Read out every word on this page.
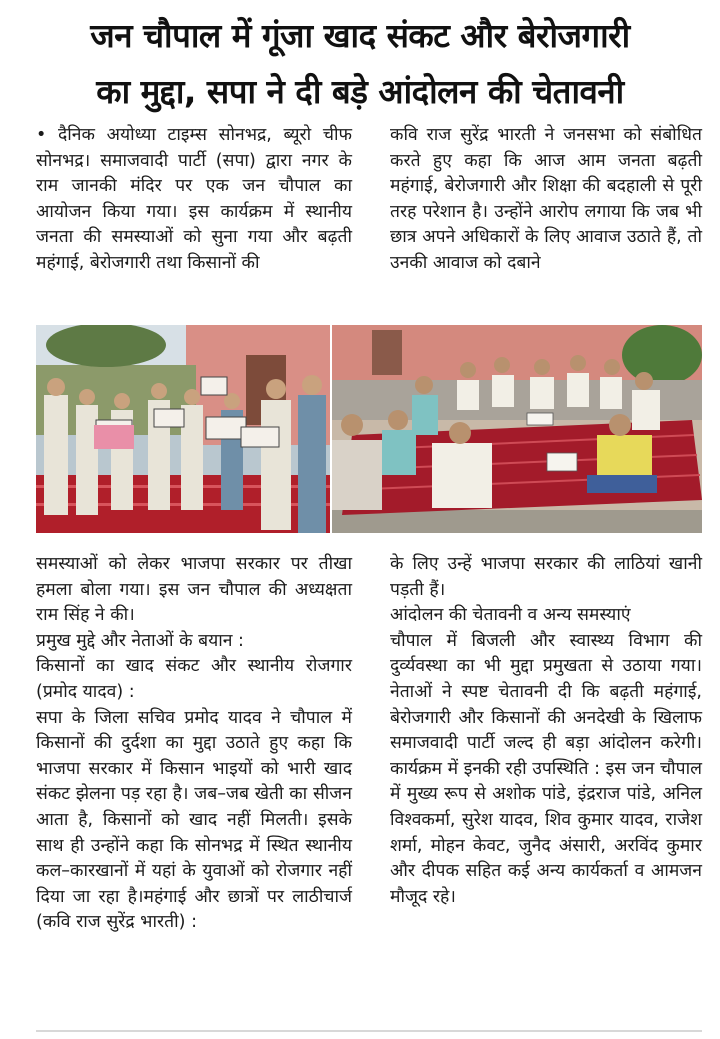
जन चौपाल में गूंजा खाद संकट और बेरोजगारी
का मुद्दा, सपा ने दी बड़े आंदोलन की चेतावनी

• दैनिक अयोध्या टाइम्स सोनभद्र, ब्यूरो चीफ सोनभद्र। समाजवादी पार्टी (सपा) द्वारा नगर के राम जानकी मंदिर पर एक जन चौपाल का आयोजन किया गया। इस कार्यक्रम में स्थानीय जनता की समस्याओं को सुना गया और बढ़ती महंगाई, बेरोजगारी तथा किसानों की

कवि राज सुरेंद्र भारती ने जनसभा को संबोधित करते हुए कहा कि आज आम जनता बढ़ती महंगाई, बेरोजगारी और शिक्षा की बदहाली से पूरी तरह परेशान है। उन्होंने आरोप लगाया कि जब भी छात्र अपने अधिकारों के लिए आवाज उठाते हैं, तो उनकी आवाज को दबाने

समस्याओं को लेकर भाजपा सरकार पर तीखा हमला बोला गया। इस जन चौपाल की अध्यक्षता राम सिंह ने की।

प्रमुख मुद्दे और नेताओं के बयान :

किसानों का खाद संकट और स्थानीय रोजगार (प्रमोद यादव) :

सपा के जिला सचिव प्रमोद यादव ने चौपाल में किसानों की दुर्दशा का मुद्दा उठाते हुए कहा कि भाजपा सरकार में किसान भाइयों को भारी खाद संकट झेलना पड़ रहा है। जब–जब खेती का सीजन आता है, किसानों को खाद नहीं मिलती। इसके साथ ही उन्होंने कहा कि सोनभद्र में स्थित स्थानीय कल–कारखानों में यहां के युवाओं को रोजगार नहीं दिया जा रहा है।महंगाई और छात्रों पर लाठीचार्ज (कवि राज सुरेंद्र भारती) :

के लिए उन्हें भाजपा सरकार की लाठियां खानी पड़ती हैं।

आंदोलन की चेतावनी व अन्य समस्याएं

चौपाल में बिजली और स्वास्थ्य विभाग की दुर्व्यवस्था का भी मुद्दा प्रमुखता से उठाया गया। नेताओं ने स्पष्ट चेतावनी दी कि बढ़ती महंगाई, बेरोजगारी और किसानों की अनदेखी के खिलाफ समाजवादी पार्टी जल्द ही बड़ा आंदोलन करेगी। कार्यक्रम में इनकी रही उपस्थिति : इस जन चौपाल में मुख्य रूप से अशोक पांडे, इंद्रराज पांडे, अनिल विश्वकर्मा, सुरेश यादव, शिव कुमार यादव, राजेश शर्मा, मोहन केवट, जुनैद अंसारी, अरविंद कुमार और दीपक सहित कई अन्य कार्यकर्ता व आमजन मौजूद रहे।
